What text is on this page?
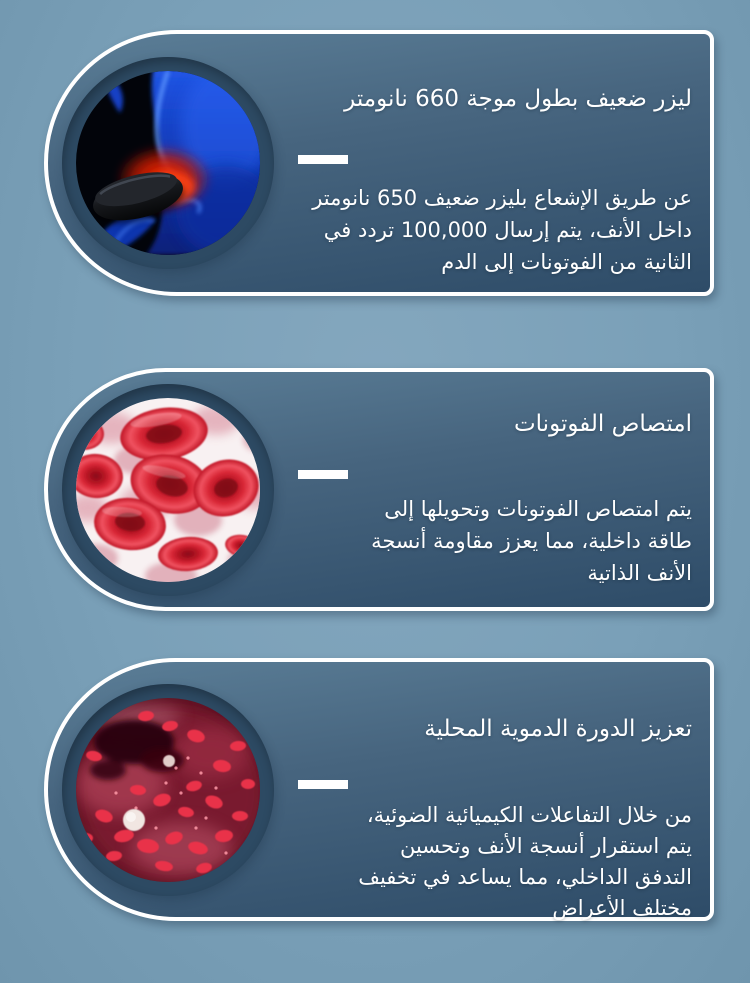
ليزر ضعيف بطول موجة 660 نانومتر
عن طريق الإشعاع بليزر ضعيف 650 نانومتر
داخل الأنف، يتم إرسال 100,000 تردد في
الثانية من الفوتونات إلى الدم
امتصاص الفوتونات
يتم امتصاص الفوتونات وتحويلها إلى
طاقة داخلية، مما يعزز مقاومة أنسجة
الأنف الذاتية
تعزيز الدورة الدموية المحلية
من خلال التفاعلات الكيميائية الضوئية،
يتم استقرار أنسجة الأنف وتحسين
التدفق الداخلي، مما يساعد في تخفيف
مختلف الأعراض
